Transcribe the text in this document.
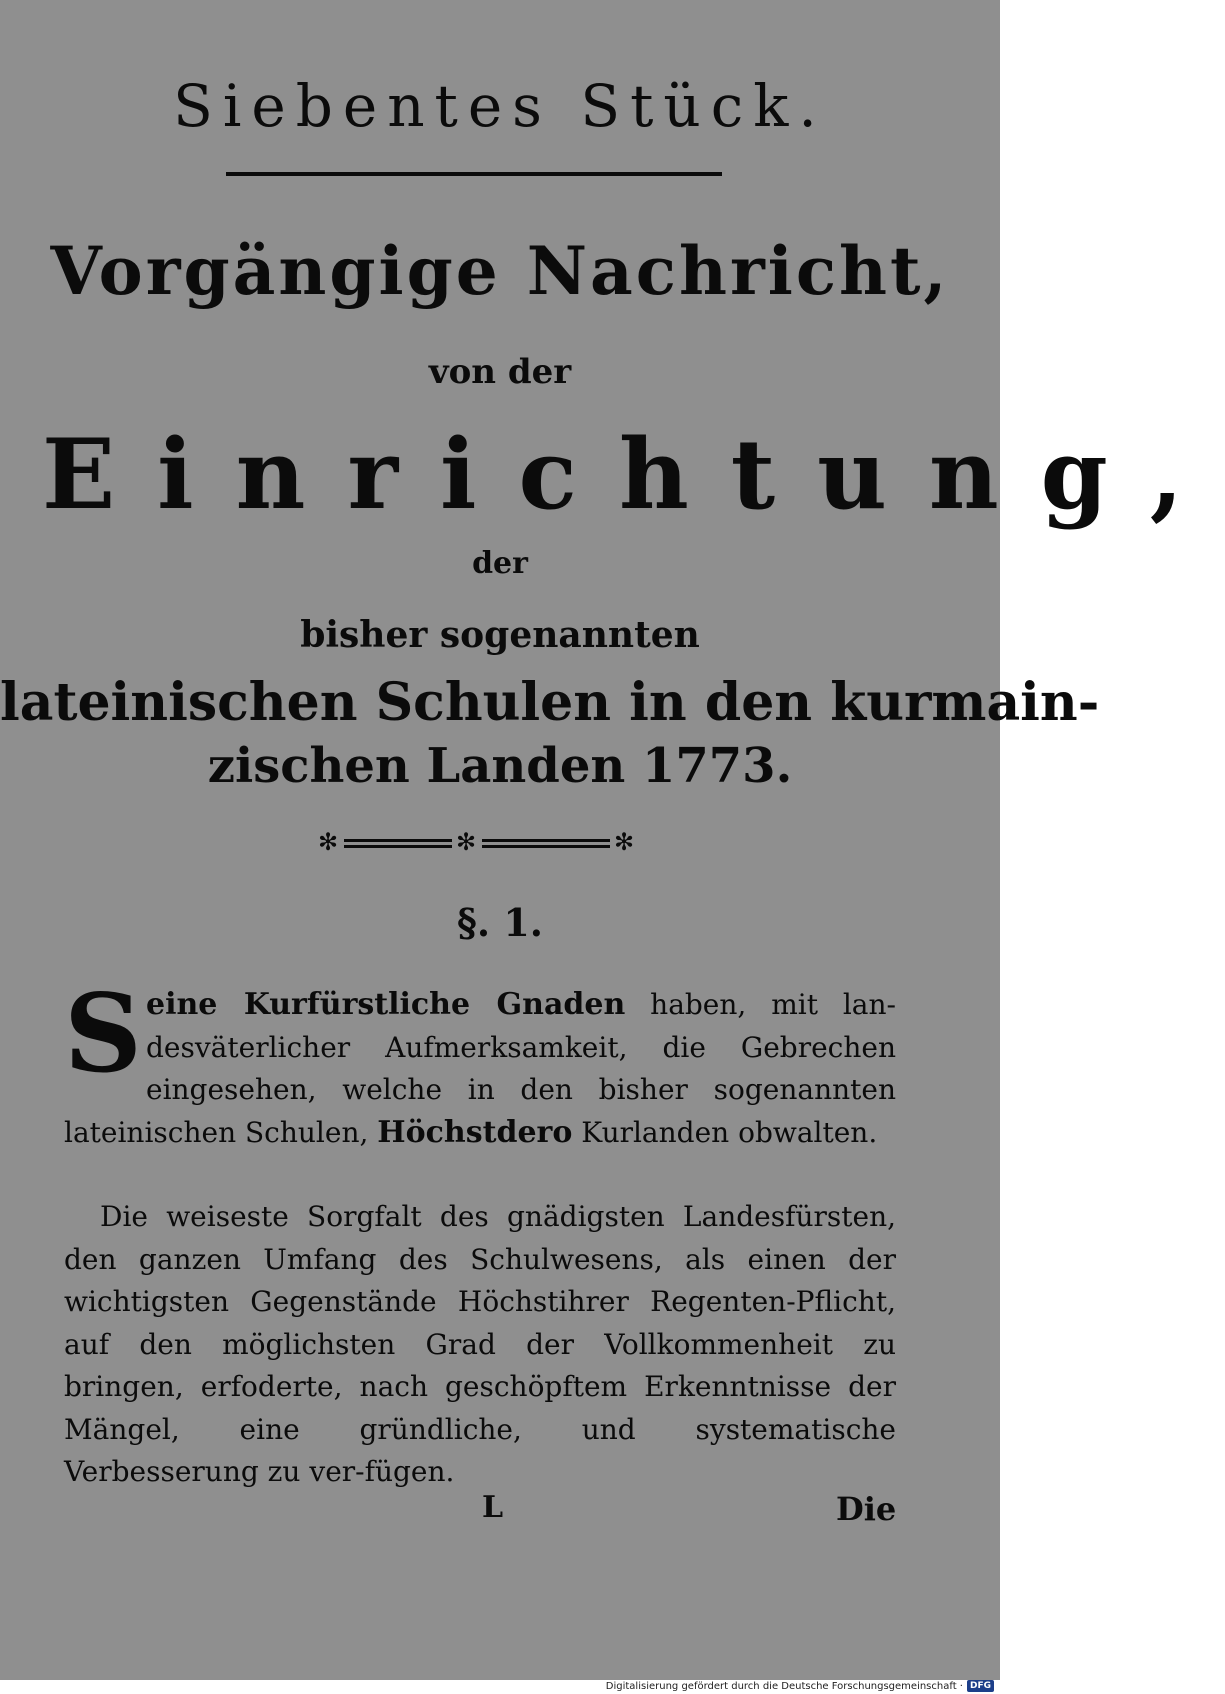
Siebentes Stück.
Vorgängige Nachricht,
von der
Einrichtung,
der
bisher sogenannten
lateinischen Schulen in den kurmain-
zischen Landen 1773.
✻	✻	✻
§. 1.
Seine Kurfürstliche Gnaden haben, mit lan-desväterlicher Aufmerksamkeit, die Gebrechen eingesehen, welche in den bisher sogenannten lateinischen Schulen, Höchstdero Kurlanden obwalten.
Die weiseste Sorgfalt des gnädigsten Landesfürsten, den ganzen Umfang des Schulwesens, als einen der wichtigsten Gegenstände Höchstihrer Regenten-Pflicht, auf den möglichsten Grad der Vollkommenheit zu bringen, erfoderte, nach geschöpftem Erkenntnisse der Mängel, eine gründliche, und systematische Verbesserung zu ver-fügen.
L	Die
Digitalisierung gefördert durch die Deutsche Forschungsgemeinschaft · DFG
